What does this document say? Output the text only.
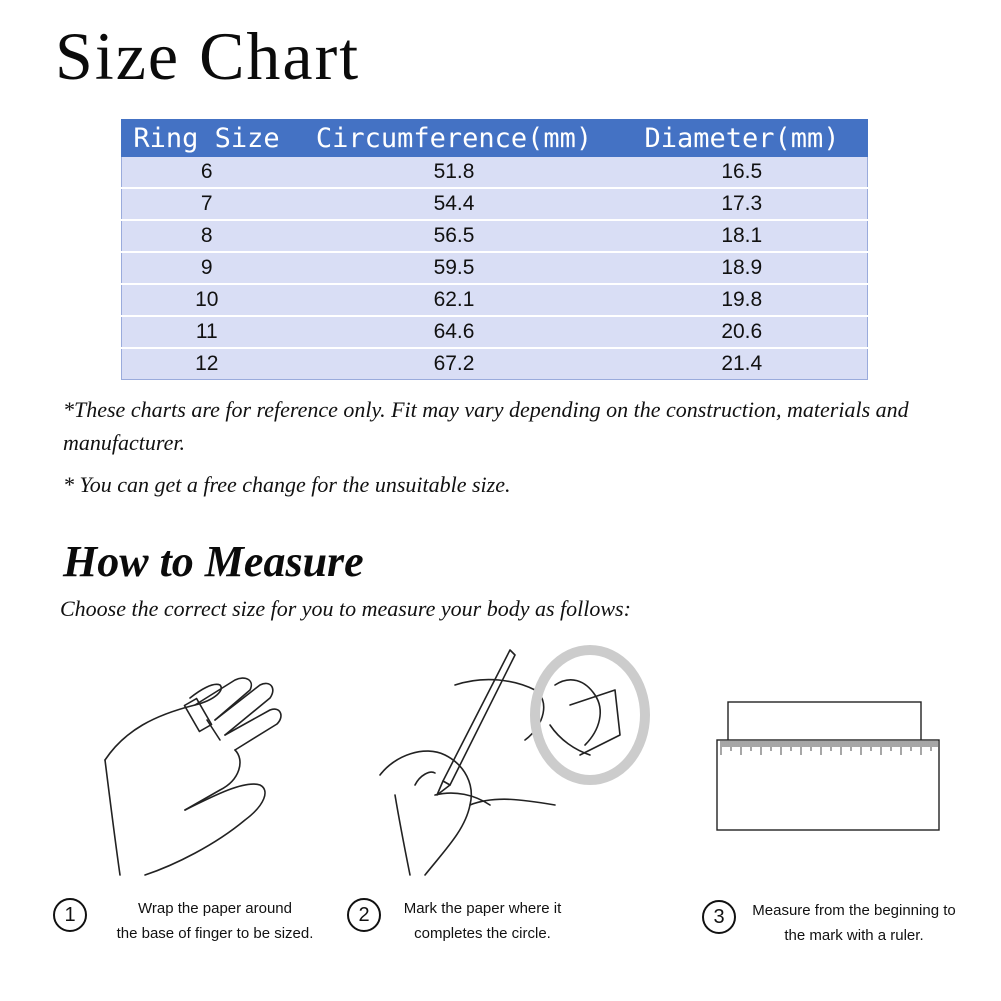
Size Chart
Ring Size	Circumference(mm)	Diameter(mm)
6	51.8	16.5
7	54.4	17.3
8	56.5	18.1
9	59.5	18.9
10	62.1	19.8
11	64.6	20.6
12	67.2	21.4
*These charts are for reference only. Fit may vary depending on the construction, materials and manufacturer.
* You can get a free change for the unsuitable size.
How to Measure
Choose the correct size for you to measure your body as follows:
1	Wrap the paper around
the base of finger to be sized.
2	Mark the paper where it
completes the circle.
3	Measure from the beginning to
the mark with a ruler.
